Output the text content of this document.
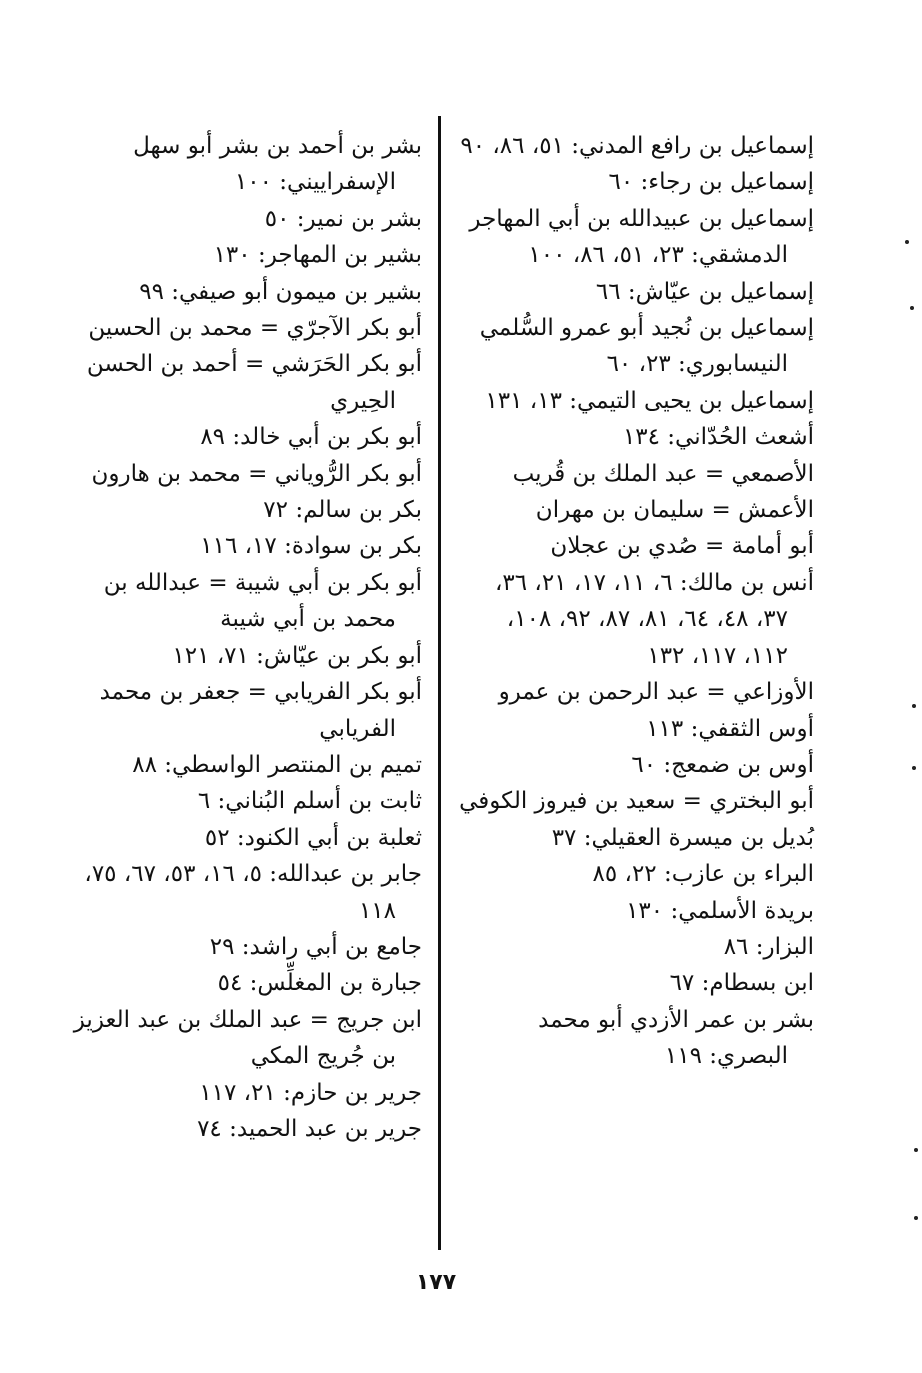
إسماعيل بن رافع المدني: ٥١، ٨٦، ٩٠

إسماعيل بن رجاء: ٦٠

إسماعيل بن عبيدالله بن أبي المهاجر الدمشقي: ٢٣، ٥١، ٨٦، ١٠٠

إسماعيل بن عيّاش: ٦٦

إسماعيل بن نُجيد أبو عمرو السُّلمي النيسابوري: ٢٣، ٦٠

إسماعيل بن يحيى التيمي: ١٣، ١٣١

أشعث الحُدّاني: ١٣٤

الأصمعي = عبد الملك بن قُريب

الأعمش = سليمان بن مهران

أبو أمامة = صُدي بن عجلان

أنس بن مالك: ٦، ١١، ١٧، ٢١، ٣٦، ٣٧، ٤٨، ٦٤، ٨١، ٨٧، ٩٢، ١٠٨، ١١٢، ١١٧، ١٣٢

الأوزاعي = عبد الرحمن بن عمرو

أوس الثقفي: ١١٣

أوس بن ضمعج: ٦٠

أبو البختري = سعيد بن فيروز الكوفي

بُديل بن ميسرة العقيلي: ٣٧

البراء بن عازب: ٢٢، ٨٥

بريدة الأسلمي: ١٣٠

البزار: ٨٦

ابن بسطام: ٦٧

بشر بن عمر الأزدي أبو محمد البصري: ١١٩

بشر بن أحمد بن بشر أبو سهل الإسفراييني: ١٠٠

بشر بن نمير: ٥٠

بشير بن المهاجر: ١٣٠

بشير بن ميمون أبو صيفي: ٩٩

أبو بكر الآجرّي = محمد بن الحسين

أبو بكر الحَرَشي = أحمد بن الحسن الحِيري

أبو بكر بن أبي خالد: ٨٩

أبو بكر الرُّوياني = محمد بن هارون

بكر بن سالم: ٧٢

بكر بن سوادة: ١٧، ١١٦

أبو بكر بن أبي شيبة = عبدالله بن محمد بن أبي شيبة

أبو بكر بن عيّاش: ٧١، ١٢١

أبو بكر الفريابي = جعفر بن محمد الفريابي

تميم بن المنتصر الواسطي: ٨٨

ثابت بن أسلم البُناني: ٦

ثعلبة بن أبي الكنود: ٥٢

جابر بن عبدالله: ٥، ١٦، ٥٣، ٦٧، ٧٥، ١١٨

جامع بن أبي راشد: ٢٩

جبارة بن المغلِّس: ٥٤

ابن جريج = عبد الملك بن عبد العزيز بن جُريج المكي

جرير بن حازم: ٢١، ١١٧

جرير بن عبد الحميد: ٧٤

١٧٧
